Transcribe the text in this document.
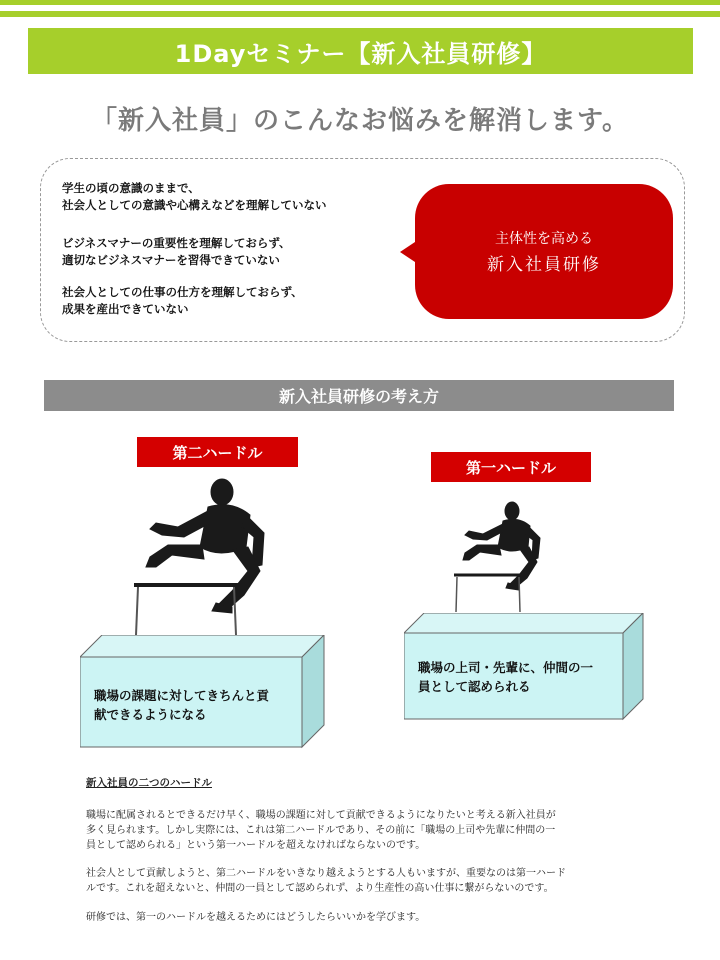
1Dayセミナー【新入社員研修】
「新入社員」のこんなお悩みを解消します。
学生の頃の意識のままで、
社会人としての意識や心構えなどを理解していない
ビジネスマナーの重要性を理解しておらず、
適切なビジネスマナーを習得できていない
社会人としての仕事の仕方を理解しておらず、
成果を産出できていない
主体性を高める
新入社員研修
新入社員研修の考え方
第二ハードル
第一ハードル
職場の課題に対してきちんと貢
献できるようになる
職場の上司・先輩に、仲間の一
員として認められる
新入社員の二つのハードル
職場に配属されるとできるだけ早く、職場の課題に対して貢献できるようになりたいと考える新入社員が
多く見られます。しかし実際には、これは第二ハードルであり、その前に「職場の上司や先輩に仲間の一
員として認められる」という第一ハードルを超えなければならないのです。
社会人として貢献しようと、第二ハードルをいきなり越えようとする人もいますが、重要なのは第一ハード
ルです。これを超えないと、仲間の一員として認められず、より生産性の高い仕事に繋がらないのです。
研修では、第一のハードルを越えるためにはどうしたらいいかを学びます。
